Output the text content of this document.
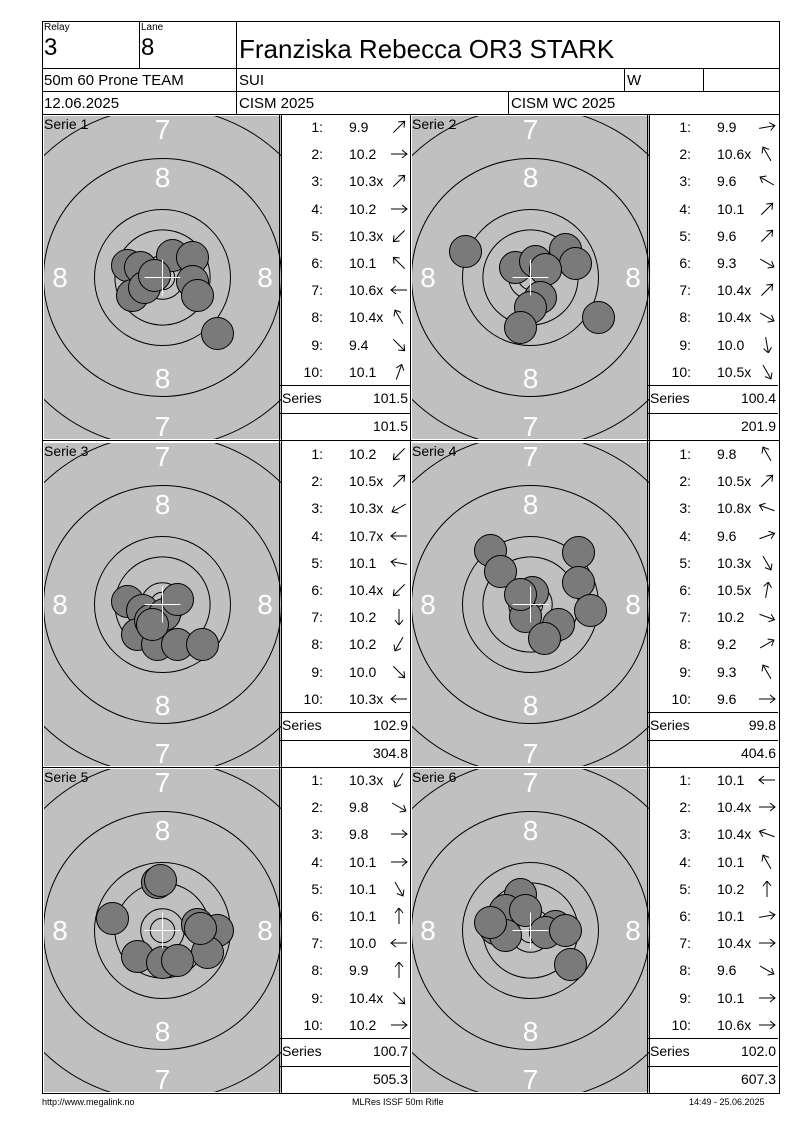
Relay
3
Lane
8	Franziska Rebecca OR3 STARK
50m 60 Prone TEAM	SUI	W
12.06.2025	CISM 2025	CISM WC 2025
7
8
8	8
8
7
Serie 1	1: 9.9
2: 10.2
3: 10.3x
4: 10.2
5: 10.3x
6: 10.1
7: 10.6x
8: 10.4x
9: 9.4
10: 10.1
Series	101.5
101.5
7
8
8	8
8
7
Serie 2	1: 9.9
2: 10.6x
3: 9.6
4: 10.1
5: 9.6
6: 9.3
7: 10.4x
8: 10.4x
9: 10.0
10: 10.5x
Series	100.4
201.9
7
8
8	8
8
7
Serie 3	1: 10.2
2: 10.5x
3: 10.3x
4: 10.7x
5: 10.1
6: 10.4x
7: 10.2
8: 10.2
9: 10.0
10: 10.3x
Series	102.9
304.8
7
8
8	8
8
7
Serie 4	1: 9.8
2: 10.5x
3: 10.8x
4: 9.6
5: 10.3x
6: 10.5x
7: 10.2
8: 9.2
9: 9.3
10: 9.6
Series	99.8
404.6
7
8
8	8
8
7
Serie 5	1: 10.3x
2: 9.8
3: 9.8
4: 10.1
5: 10.1
6: 10.1
7: 10.0
8: 9.9
9: 10.4x
10: 10.2
Series	100.7
505.3
7
8
8	8
8
7
Serie 6	1: 10.1
2: 10.4x
3: 10.4x
4: 10.1
5: 10.2
6: 10.1
7: 10.4x
8: 9.6
9: 10.1
10: 10.6x
Series	102.0
607.3
http://www.megalink.no	MLRes ISSF 50m Rifle	14:49 - 25.06.2025
